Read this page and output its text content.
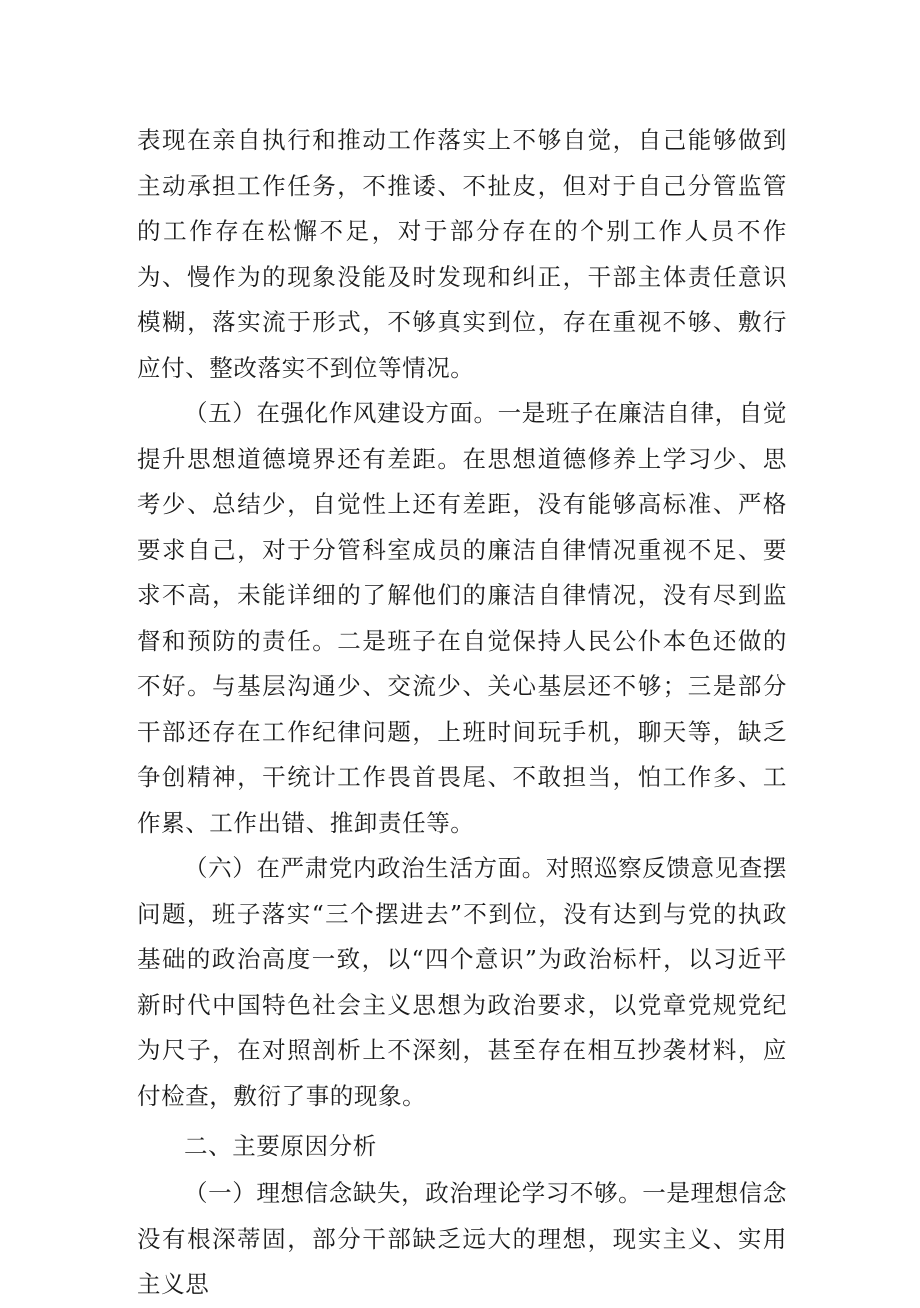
表现在亲自执行和推动工作落实上不够自觉，自己能够做到主动承担工作任务，不推诿、不扯皮，但对于自己分管监管的工作存在松懈不足，对于部分存在的个别工作人员不作为、慢作为的现象没能及时发现和纠正，干部主体责任意识模糊，落实流于形式，不够真实到位，存在重视不够、敷行应付、整改落实不到位等情况。

（五）在强化作风建设方面。一是班子在廉洁自律，自觉提升思想道德境界还有差距。在思想道德修养上学习少、思考少、总结少，自觉性上还有差距，没有能够高标准、严格要求自己，对于分管科室成员的廉洁自律情况重视不足、要求不高，未能详细的了解他们的廉洁自律情况，没有尽到监督和预防的责任。二是班子在自觉保持人民公仆本色还做的不好。与基层沟通少、交流少、关心基层还不够；三是部分干部还存在工作纪律问题，上班时间玩手机，聊天等，缺乏争创精神，干统计工作畏首畏尾、不敢担当，怕工作多、工作累、工作出错、推卸责任等。

（六）在严肃党内政治生活方面。对照巡察反馈意见查摆问题，班子落实“三个摆进去”不到位，没有达到与党的执政基础的政治高度一致，以“四个意识”为政治标杆，以习近平新时代中国特色社会主义思想为政治要求，以党章党规党纪为尺子，在对照剖析上不深刻，甚至存在相互抄袭材料，应付检查，敷衍了事的现象。

二、主要原因分析

（一）理想信念缺失，政治理论学习不够。一是理想信念没有根深蒂固，部分干部缺乏远大的理想，现实主义、实用主义思
